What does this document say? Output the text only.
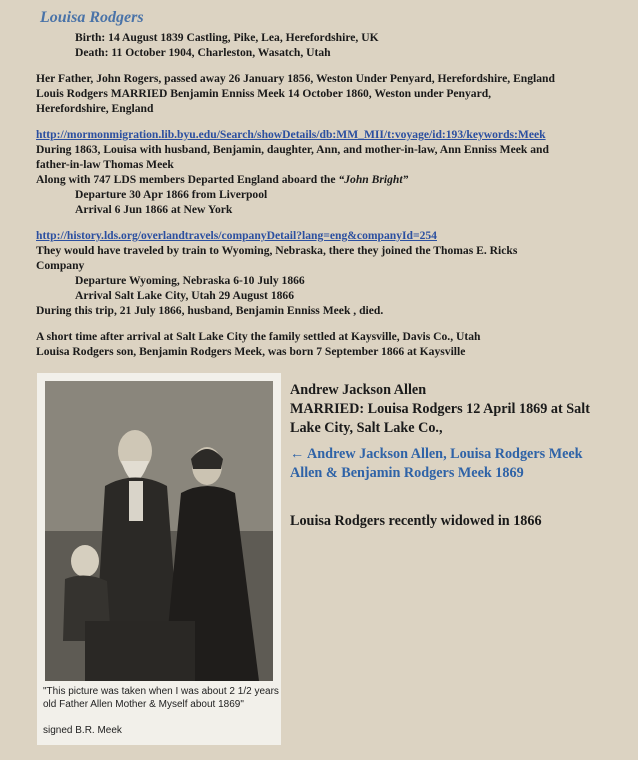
Louisa Rodgers
Birth: 14 August 1839 Castling, Pike, Lea, Herefordshire, UK
Death: 11 October 1904, Charleston, Wasatch, Utah
Her Father, John Rogers, passed away 26 January 1856, Weston Under Penyard, Herefordshire, England
Louis Rodgers MARRIED Benjamin Enniss Meek 14 October 1860, Weston under Penyard,
Herefordshire, England
http://mormonmigration.lib.byu.edu/Search/showDetails/db:MM_MII/t:voyage/id:193/keywords:Meek
During 1863, Louisa with husband, Benjamin, daughter, Ann, and mother-in-law, Ann Enniss Meek and
father-in-law Thomas Meek
Along with 747 LDS members Departed England aboard the “John Bright”
Departure 30 Apr 1866 from Liverpool
Arrival 6 Jun 1866 at New York
http://history.lds.org/overlandtravels/companyDetail?lang=eng&companyId=254
They would have traveled by train to Wyoming, Nebraska, there they joined the Thomas E. Ricks
Company
Departure Wyoming, Nebraska 6-10 July 1866
Arrival Salt Lake City, Utah 29 August 1866
During this trip, 21 July 1866, husband, Benjamin Enniss Meek , died.
A short time after arrival at Salt Lake City the family settled at Kaysville, Davis Co., Utah
Louisa Rodgers son, Benjamin Rodgers Meek, was born 7 September 1866 at Kaysville
"This picture was taken when I was about 2 1/2 years
old Father Allen Mother & Myself about 1869"

signed B.R. Meek
Andrew Jackson Allen
MARRIED: Louisa Rodgers 12 April 1869 at Salt
Lake City, Salt Lake Co.,
← Andrew Jackson Allen, Louisa Rodgers Meek
Allen & Benjamin Rodgers Meek 1869
Louisa Rodgers recently widowed in 1866
